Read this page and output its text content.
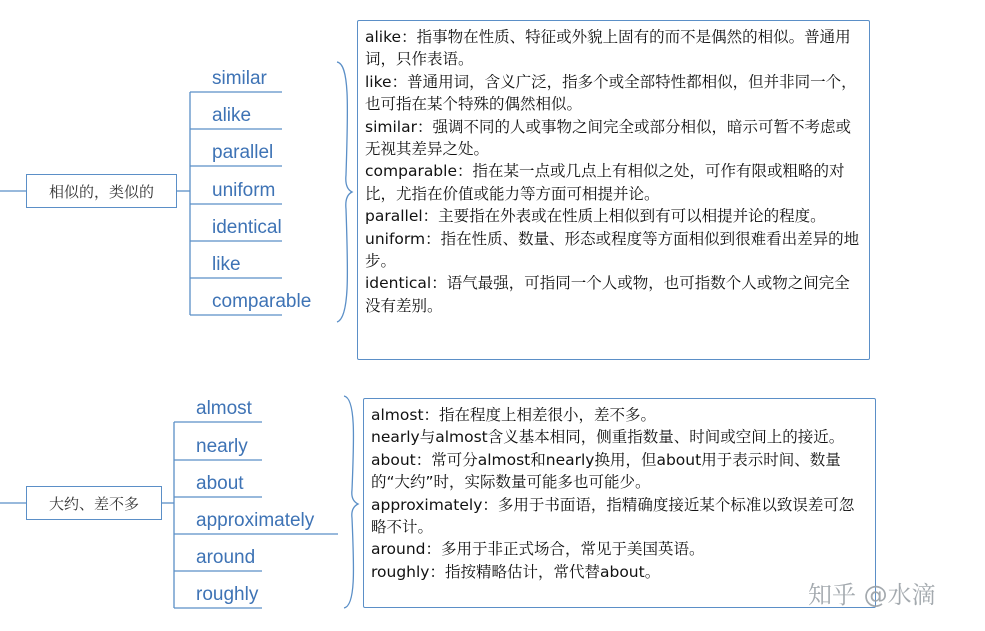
相似的，类似的
similar
alike
parallel
uniform
identical
like
comparable

alike：指事物在性质、特征或外貌上固有的而不是偶然的相似。普通用词，只作表语。

like：普通用词，含义广泛，指多个或全部特性都相似，但并非同一个，也可指在某个特殊的偶然相似。

similar：强调不同的人或事物之间完全或部分相似，暗示可暂不考虑或无视其差异之处。

comparable：指在某一点或几点上有相似之处，可作有限或粗略的对比，尤指在价值或能力等方面可相提并论。

parallel：主要指在外表或在性质上相似到有可以相提并论的程度。

uniform：指在性质、数量、形态或程度等方面相似到很难看出差异的地步。

identical：语气最强，可指同一个人或物，也可指数个人或物之间完全没有差别。

大约、差不多
almost
nearly
about
approximately
around
roughly

almost：指在程度上相差很小，差不多。

nearly与almost含义基本相同，侧重指数量、时间或空间上的接近。

about：常可分almost和nearly换用，但about用于表示时间、数量的“大约”时，实际数量可能多也可能少。

approximately：多用于书面语，指精确度接近某个标准以致误差可忽略不计。

around：多用于非正式场合，常见于美国英语。

roughly：指按精略估计，常代替about。

知乎 @水滴
